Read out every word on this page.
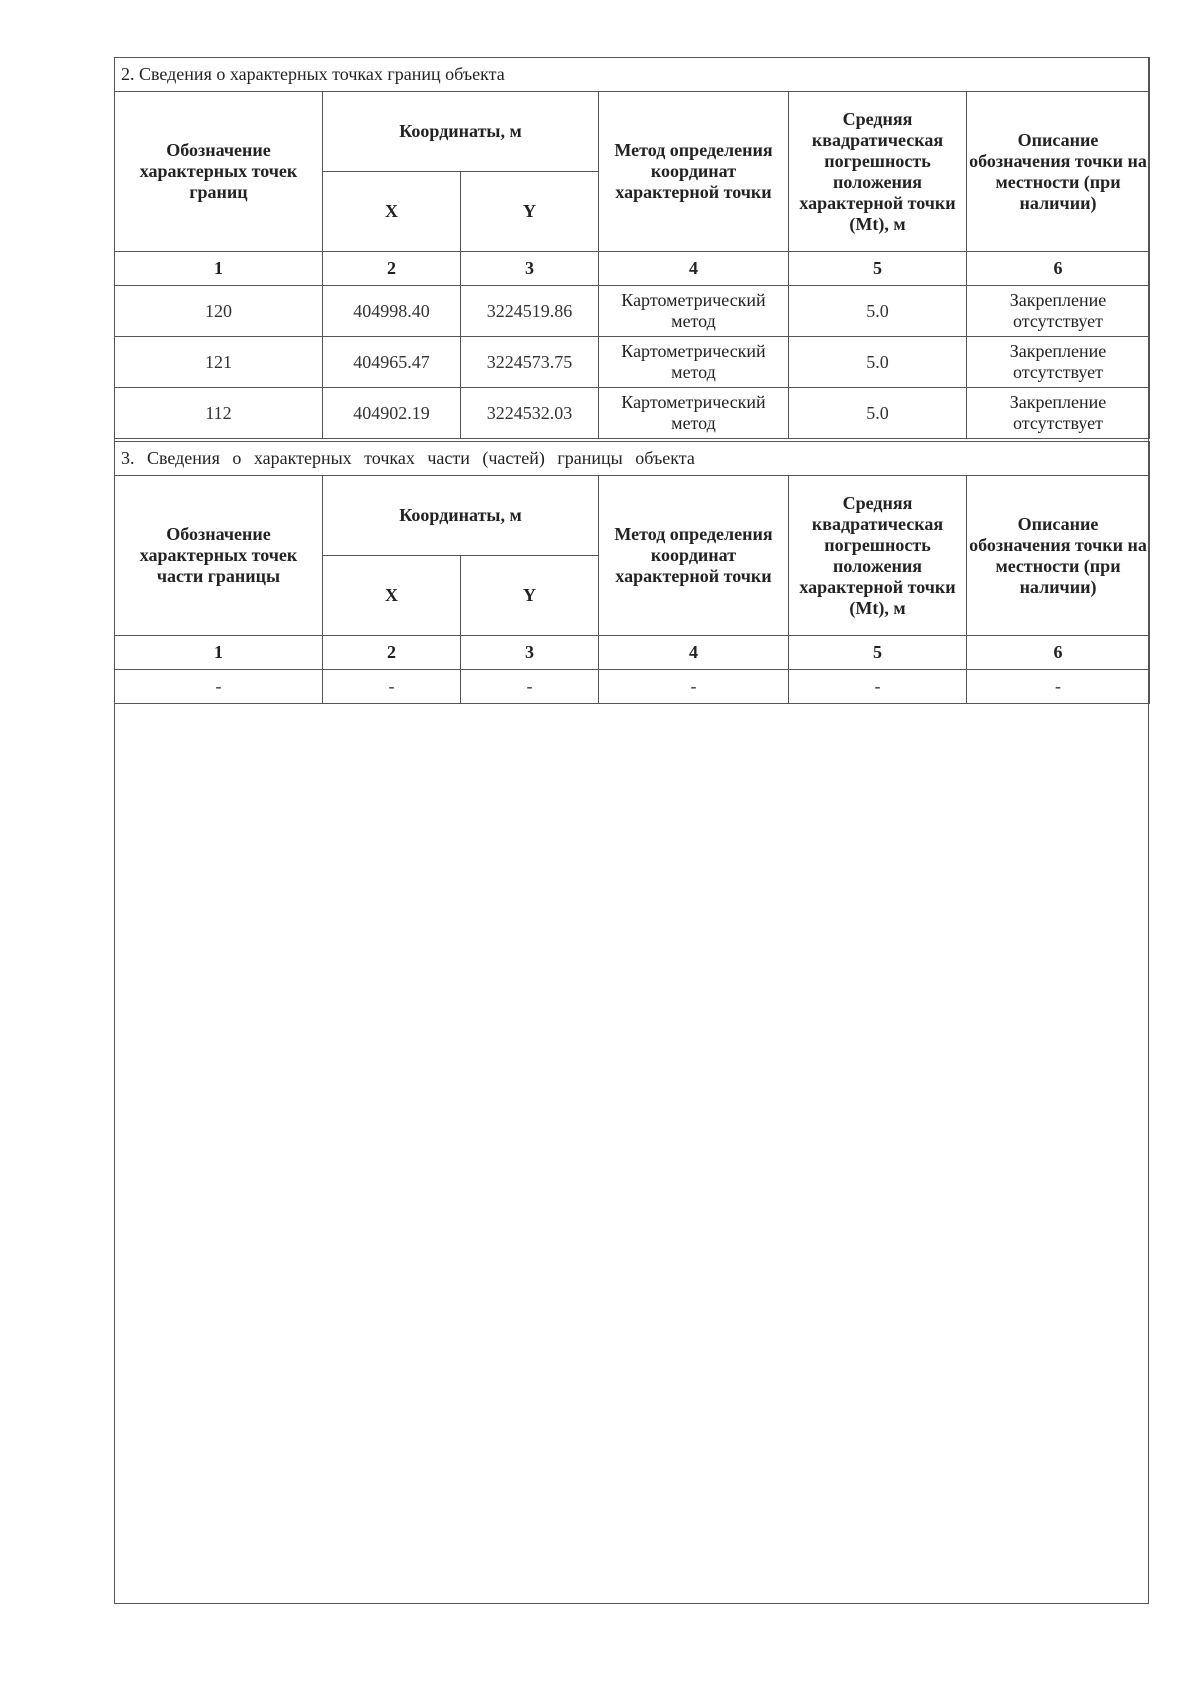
2. Сведения о характерных точках границ объекта					
Обозначение характерных точек границ	Координаты, м		Метод определения координат характерной точки	Средняя квадратическая погрешность положения характерной точки (Mt), м	Описание обозначения точки на местности (при наличии)
	X	Y			
1	2	3	4	5	6
120	404998.40	3224519.86	Картометрический метод	5.0	Закрепление отсутствует
121	404965.47	3224573.75	Картометрический метод	5.0	Закрепление отсутствует
112	404902.19	3224532.03	Картометрический метод	5.0	Закрепление отсутствует
3. Сведения о характерных точках части (частей) границы объекта					
Обозначение характерных точек части границы	Координаты, м		Метод определения координат характерной точки	Средняя квадратическая погрешность положения характерной точки (Mt), м	Описание обозначения точки на местности (при наличии)
	X	Y			
1	2	3	4	5	6
-	-	-	-	-	-
